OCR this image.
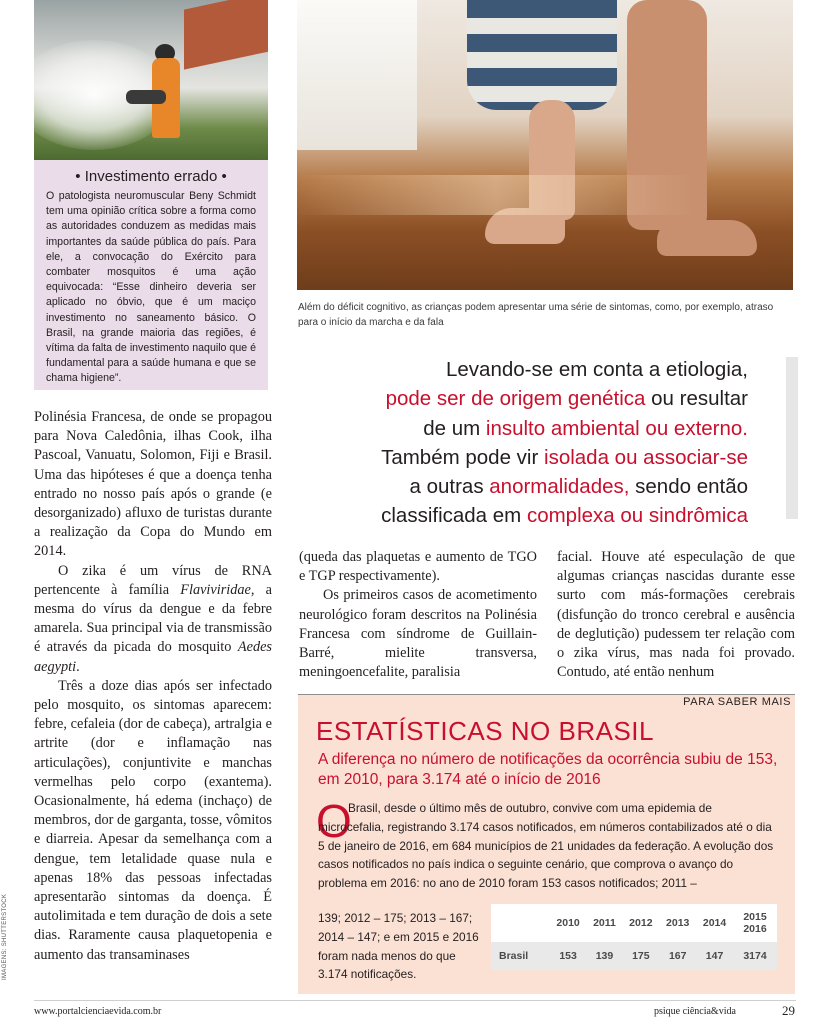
IMAGENS: SHUTTERSTOCK
• Investimento errado •
O patologista neuromuscular Beny Schmidt tem uma opinião crítica sobre a forma como as autoridades conduzem as medidas mais importantes da saúde pública do país. Para ele, a convocação do Exército para combater mosquitos é uma ação equivocada: “Esse dinheiro deveria ser aplicado no óbvio, que é um maciço investimento no saneamento básico. O Brasil, na grande maioria das regiões, é vítima da falta de investimento naquilo que é fundamental para a saúde humana e que se chama higiene”.
Além do déficit cognitivo, as crianças podem apresentar uma série de sintomas, como, por exemplo, atraso para o início da marcha e da fala
Levando-se em conta a etiologia,
pode ser de origem genética ou resultar
de um insulto ambiental ou externo.
Também pode vir isolada ou associar-se
a outras anormalidades, sendo então
classificada em complexa ou sindrômica

Polinésia Francesa, de onde se propagou para Nova Caledônia, ilhas Cook, ilha Pascoal, Vanuatu, Solomon, Fiji e Brasil. Uma das hipóteses é que a doença tenha entrado no nosso país após o grande (e desorganizado) afluxo de turistas durante a realização da Copa do Mundo em 2014.

O zika é um vírus de RNA pertencente à família Flaviviridae, a mesma do vírus da dengue e da febre amarela. Sua principal via de transmissão é através da picada do mosquito Aedes aegypti.

Três a doze dias após ser infectado pelo mosquito, os sintomas aparecem: febre, cefaleia (dor de cabeça), artralgia e artrite (dor e inflamação nas articulações), conjuntivite e manchas vermelhas pelo corpo (exantema). Ocasionalmente, há edema (inchaço) de membros, dor de garganta, tosse, vômitos e diarreia. Apesar da semelhança com a dengue, tem letalidade quase nula e apenas 18% das pessoas infectadas apresentarão sintomas da doença. É autolimitada e tem duração de dois a sete dias. Raramente causa plaquetopenia e aumento das transaminases

(queda das plaquetas e aumento de TGO e TGP respectivamente).

Os primeiros casos de acometimento neurológico foram descritos na Polinésia Francesa com síndrome de Guillain-Barré, mielite transversa, meningoencefalite, paralisia

facial. Houve até especulação de que algumas crianças nascidas durante esse surto com más-formações cerebrais (disfunção do tronco cerebral e ausência de deglutição) pudessem ter relação com o zika vírus, mas nada foi provado. Contudo, até então nenhum

PARA SABER MAIS
ESTATÍSTICAS NO BRASIL
A diferença no número de notificações da ocorrência subiu de 153, em 2010, para 3.174 até o início de 2016
O
Brasil, desde o último mês de outubro, convive com uma epidemia de microcefalia, registrando 3.174 casos notificados, em números contabilizados até o dia 5 de janeiro de 2016, em 684 municípios de 21 unidades da federação. A evolução dos casos notificados no país indica o seguinte cenário, que comprova o avanço do problema em 2016: no ano de 2010 foram 153 casos notificados; 2011 –
139; 2012 – 175; 2013 – 167; 2014 – 147; e em 2015 e 2016 foram nada menos do que 3.174 notificações.
	2010	2011	2012	2013	2014	2015 2016
Brasil	153	139	175	167	147	3174
www.portalcienciaevida.com.br	psique ciência&vida	29
